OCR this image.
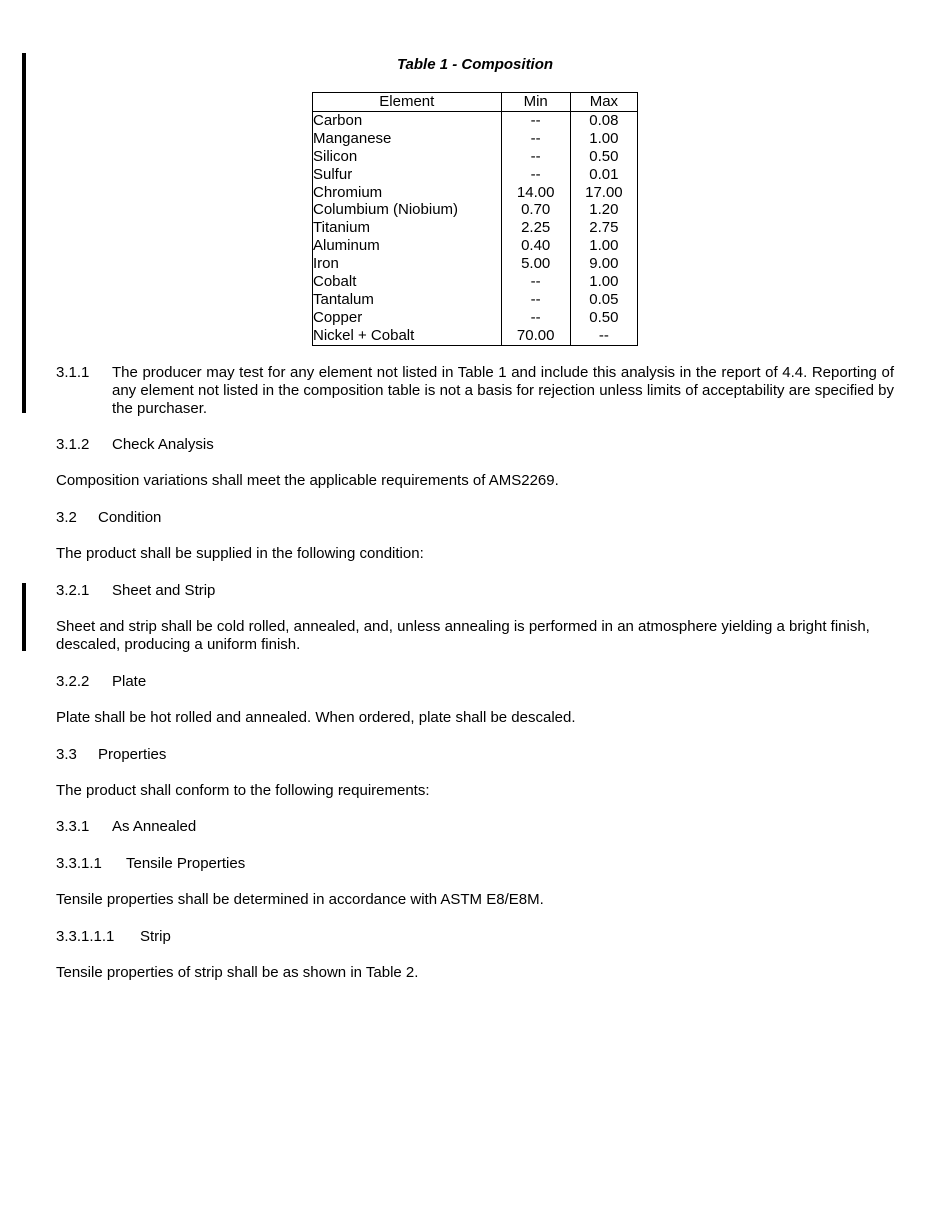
Table 1 - Composition
Element	Min	Max
Carbon	--	0.08
Manganese	--	1.00
Silicon	--	0.50
Sulfur	--	0.01
Chromium	14.00	17.00
Columbium (Niobium)	0.70	1.20
Titanium	2.25	2.75
Aluminum	0.40	1.00
Iron	5.00	9.00
Cobalt	--	1.00
Tantalum	--	0.05
Copper	--	0.50
Nickel + Cobalt	70.00	--
3.1.1 The producer may test for any element not listed in Table 1 and include this analysis in the report of 4.4. Reporting of any element not listed in the composition table is not a basis for rejection unless limits of acceptability are specified by the purchaser.
3.1.2 Check Analysis
Composition variations shall meet the applicable requirements of AMS2269.
3.2 Condition
The product shall be supplied in the following condition:
3.2.1 Sheet and Strip
Sheet and strip shall be cold rolled, annealed, and, unless annealing is performed in an atmosphere yielding a bright finish, descaled, producing a uniform finish.
3.2.2 Plate
Plate shall be hot rolled and annealed. When ordered, plate shall be descaled.
3.3 Properties
The product shall conform to the following requirements:
3.3.1 As Annealed
3.3.1.1 Tensile Properties
Tensile properties shall be determined in accordance with ASTM E8/E8M.
3.3.1.1.1 Strip
Tensile properties of strip shall be as shown in Table 2.
